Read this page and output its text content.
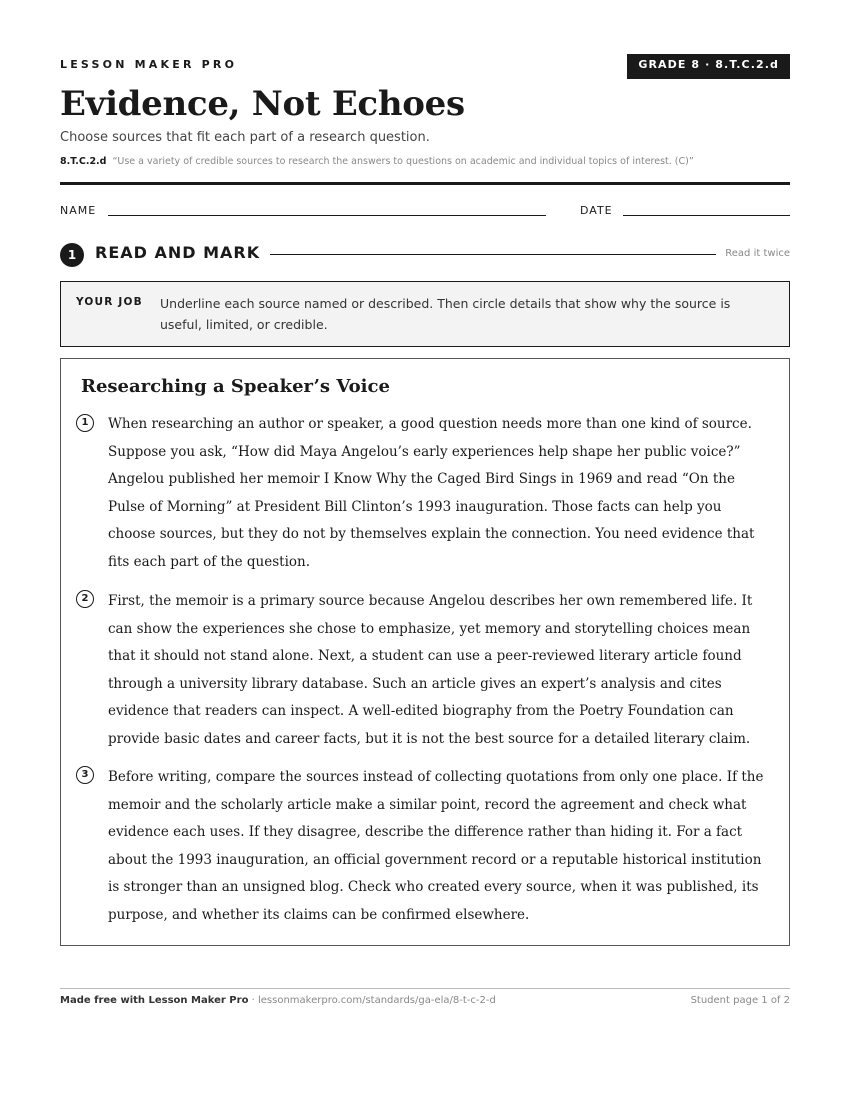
LESSON MAKER PRO	GRADE 8 · 8.T.C.2.d
Evidence, Not Echoes
Choose sources that fit each part of a research question.
8.T.C.2.d “Use a variety of credible sources to research the answers to questions on academic and individual topics of interest. (C)”
NAME	DATE
1	READ AND MARK	Read it twice
YOUR JOB Underline each source named or described. Then circle details that show why the source is useful, limited, or credible.
Researching a Speaker’s Voice
1	When researching an author or speaker, a good question needs more than one kind of source. Suppose you ask, “How did Maya Angelou’s early experiences help shape her public voice?” Angelou published her memoir I Know Why the Caged Bird Sings in 1969 and read “On the Pulse of Morning” at President Bill Clinton’s 1993 inauguration. Those facts can help you choose sources, but they do not by themselves explain the connection. You need evidence that fits each part of the question.
2	First, the memoir is a primary source because Angelou describes her own remembered life. It can show the experiences she chose to emphasize, yet memory and storytelling choices mean that it should not stand alone. Next, a student can use a peer-reviewed literary article found through a university library database. Such an article gives an expert’s analysis and cites evidence that readers can inspect. A well-edited biography from the Poetry Foundation can provide basic dates and career facts, but it is not the best source for a detailed literary claim.
3	Before writing, compare the sources instead of collecting quotations from only one place. If the memoir and the scholarly article make a similar point, record the agreement and check what evidence each uses. If they disagree, describe the difference rather than hiding it. For a fact about the 1993 inauguration, an official government record or a reputable historical institution is stronger than an unsigned blog. Check who created every source, when it was published, its purpose, and whether its claims can be confirmed elsewhere.
Made free with Lesson Maker Pro · lessonmakerpro.com/standards/ga-ela/8-t-c-2-d	Student page 1 of 2
